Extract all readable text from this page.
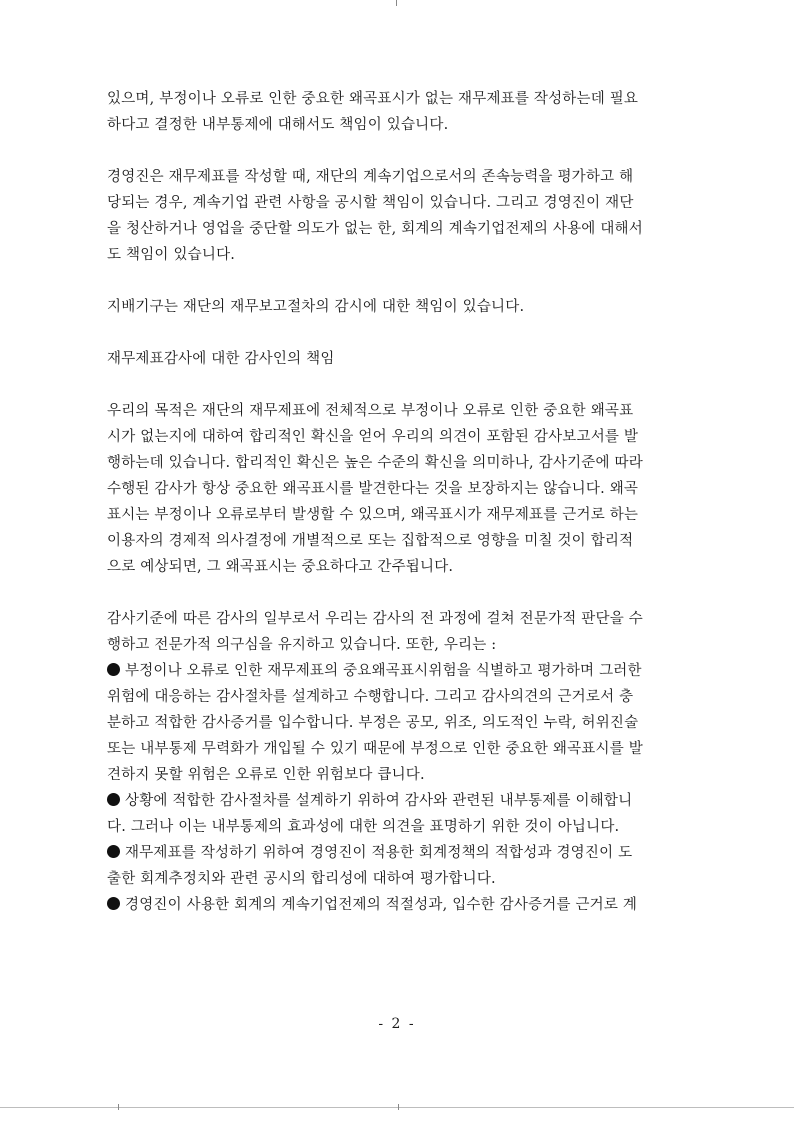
있으며, 부정이나 오류로 인한 중요한 왜곡표시가 없는 재무제표를 작성하는데 필요
하다고 결정한 내부통제에 대해서도 책임이 있습니다.

경영진은 재무제표를 작성할 때, 재단의 계속기업으로서의 존속능력을 평가하고 해
당되는 경우, 계속기업 관련 사항을 공시할 책임이 있습니다. 그리고 경영진이 재단
을 청산하거나 영업을 중단할 의도가 없는 한, 회계의 계속기업전제의 사용에 대해서
도 책임이 있습니다.

지배기구는 재단의 재무보고절차의 감시에 대한 책임이 있습니다.

재무제표감사에 대한 감사인의 책임

우리의 목적은 재단의 재무제표에 전체적으로 부정이나 오류로 인한 중요한 왜곡표
시가 없는지에 대하여 합리적인 확신을 얻어 우리의 의견이 포함된 감사보고서를 발
행하는데 있습니다. 합리적인 확신은 높은 수준의 확신을 의미하나, 감사기준에 따라
수행된 감사가 항상 중요한 왜곡표시를 발견한다는 것을 보장하지는 않습니다. 왜곡
표시는 부정이나 오류로부터 발생할 수 있으며, 왜곡표시가 재무제표를 근거로 하는
이용자의 경제적 의사결정에 개별적으로 또는 집합적으로 영향을 미칠 것이 합리적
으로 예상되면, 그 왜곡표시는 중요하다고 간주됩니다.

감사기준에 따른 감사의 일부로서 우리는 감사의 전 과정에 걸쳐 전문가적 판단을 수
행하고 전문가적 의구심을 유지하고 있습니다. 또한, 우리는 :

부정이나 오류로 인한 재무제표의 중요왜곡표시위험을 식별하고 평가하며 그러한
위험에 대응하는 감사절차를 설계하고 수행합니다. 그리고 감사의견의 근거로서 충
분하고 적합한 감사증거를 입수합니다. 부정은 공모, 위조, 의도적인 누락, 허위진술
또는 내부통제 무력화가 개입될 수 있기 때문에 부정으로 인한 중요한 왜곡표시를 발
견하지 못할 위험은 오류로 인한 위험보다 큽니다.
상황에 적합한 감사절차를 설계하기 위하여 감사와 관련된 내부통제를 이해합니
다. 그러나 이는 내부통제의 효과성에 대한 의견을 표명하기 위한 것이 아닙니다.
재무제표를 작성하기 위하여 경영진이 적용한 회계정책의 적합성과 경영진이 도
출한 회계추정치와 관련 공시의 합리성에 대하여 평가합니다.
경영진이 사용한 회계의 계속기업전제의 적절성과, 입수한 감사증거를 근거로 계
- 2 -
